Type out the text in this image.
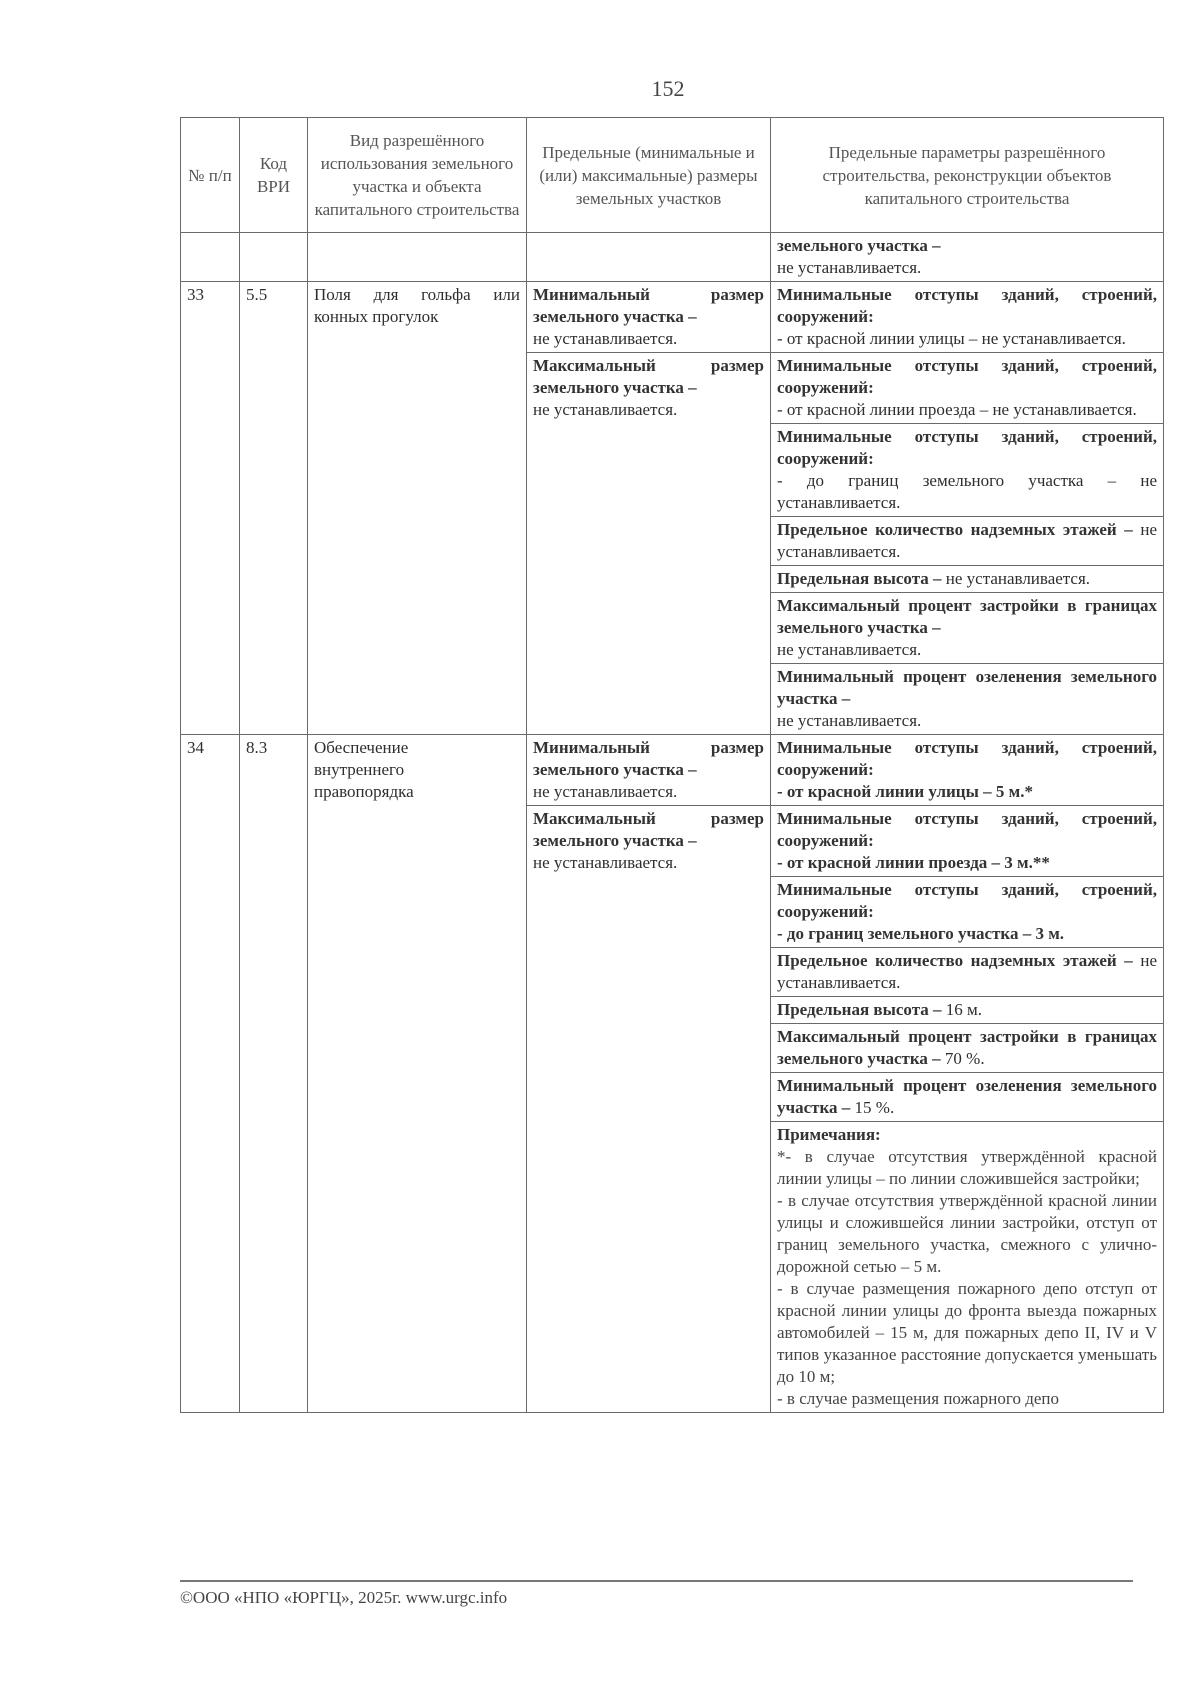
152
№ п/п	Код ВРИ	Вид разрешённого использования земельного участка и объекта капитального строительства	Предельные (минимальные и (или) максимальные) размеры земельных участков	Предельные параметры разрешённого строительства, реконструкции объектов капитального строительства
				земельного участка –
не устанавливается.
33	5.5	Поля для гольфа или конных прогулок	Минимальный размер земельного участка –
не устанавливается.	Минимальные отступы зданий, строений, сооружений:
- от красной линии улицы – не устанавливается.
			Максимальный размер земельного участка –
не устанавливается.	Минимальные отступы зданий, строений, сооружений:
- от красной линии проезда – не устанавливается.
				Минимальные отступы зданий, строений, сооружений:
- до границ земельного участка – не устанавливается.
				Предельное количество надземных этажей – не устанавливается.
				Предельная высота – не устанавливается.
				Максимальный процент застройки в границах земельного участка –
не устанавливается.
				Минимальный процент озеленения земельного участка –
не устанавливается.
34	8.3	Обеспечение внутреннего правопорядка	Минимальный размер земельного участка –
не устанавливается.	Минимальные отступы зданий, строений, сооружений:
- от красной линии улицы – 5 м.*
			Максимальный размер земельного участка –
не устанавливается.	Минимальные отступы зданий, строений, сооружений:
- от красной линии проезда – 3 м.**
				Минимальные отступы зданий, строений, сооружений:
- до границ земельного участка – 3 м.
				Предельное количество надземных этажей – не устанавливается.
				Предельная высота – 16 м.
				Максимальный процент застройки в границах земельного участка – 70 %.
				Минимальный процент озеленения земельного участка – 15 %.
				Примечания:
*- в случае отсутствия утверждённой красной линии улицы – по линии сложившейся застройки;
- в случае отсутствия утверждённой красной линии улицы и сложившейся линии застройки, отступ от границ земельного участка, смежного с улично-дорожной сетью – 5 м.
- в случае размещения пожарного депо отступ от красной линии улицы до фронта выезда пожарных автомобилей – 15 м, для пожарных депо II, IV и V типов указанное расстояние допускается уменьшать до 10 м;
- в случае размещения пожарного депо
©ООО «НПО «ЮРГЦ», 2025г. www.urgc.info
